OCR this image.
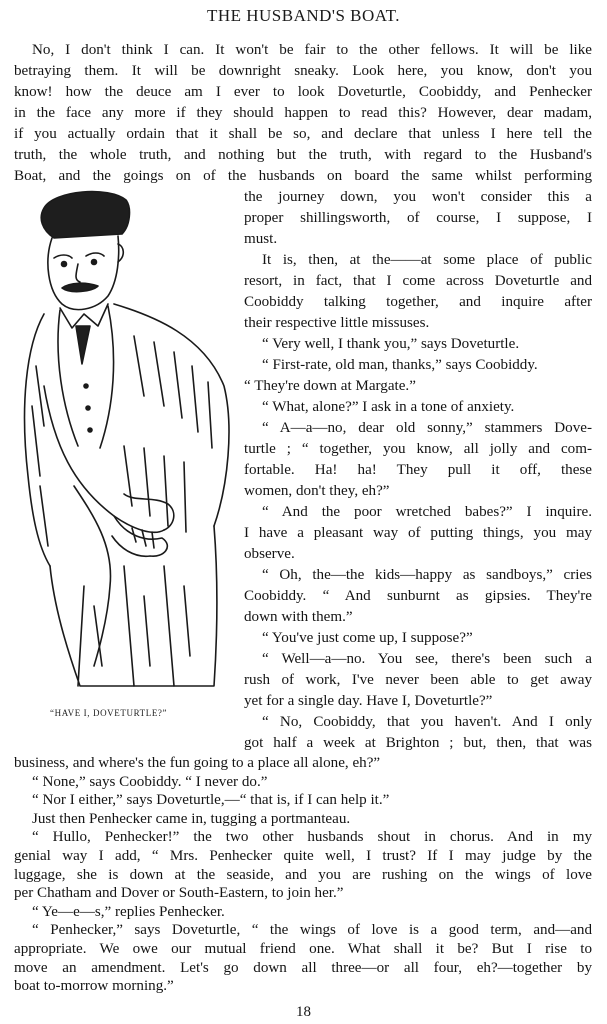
THE HUSBAND'S BOAT.
No, I don't think I can. It won't be fair to the other fellows. It will be like
betraying them. It will be downright sneaky. Look here, you know, don't you
know! how the deuce am I ever to look Doveturtle, Coobiddy, and Penhecker
in the face any more if they should happen to read this? However, dear madam,
if you actually ordain that it shall be so, and declare that unless I here tell the
truth, the whole truth, and nothing but the truth, with regard to the Husband's
Boat, and the goings on of the husbands on board the same whilst performing
the journey down, you won't consider this a
proper shillingsworth, of course, I suppose, I
must.
It is, then, at the——at some place of public
resort, in fact, that I come across Doveturtle and
Coobiddy talking together, and inquire after
their respective little missuses.
“ Very well, I thank you,” says Doveturtle.
“ First-rate, old man, thanks,” says Coobiddy.
“ They're down at Margate.”
“ What, alone?” I ask in a tone of anxiety.
“ A—a—no, dear old sonny,” stammers Dove-
turtle ; “ together, you know, all jolly and com-
fortable. Ha! ha! They pull it off, these
women, don't they, eh?”
“ And the poor wretched babes?” I inquire.
I have a pleasant way of putting things, you may
observe.
“ Oh, the—the kids—happy as sandboys,” cries
Coobiddy. “ And sunburnt as gipsies. They're
down with them.”
“ You've just come up, I suppose?”
“ Well—a—no. You see, there's been such a
rush of work, I've never been able to get away
yet for a single day. Have I, Doveturtle?”
“ No, Coobiddy, that you haven't. And I only
got half a week at Brighton ; but, then, that was
“HAVE I, DOVETURTLE?”
business, and where's the fun going to a place all alone, eh?”
“ None,” says Coobiddy. “ I never do.”
“ Nor I either,” says Doveturtle,—“ that is, if I can help it.”
Just then Penhecker came in, tugging a portmanteau.
“ Hullo, Penhecker!” the two other husbands shout in chorus. And in my
genial way I add, “ Mrs. Penhecker quite well, I trust? If I may judge by the
luggage, she is down at the seaside, and you are rushing on the wings of love
per Chatham and Dover or South-Eastern, to join her.”
“ Ye—e—s,” replies Penhecker.
“ Penhecker,” says Doveturtle, “ the wings of love is a good term, and—and
appropriate. We owe our mutual friend one. What shall it be? But I rise to
move an amendment. Let's go down all three—or all four, eh?—together by
18
boat to-morrow morning.”
